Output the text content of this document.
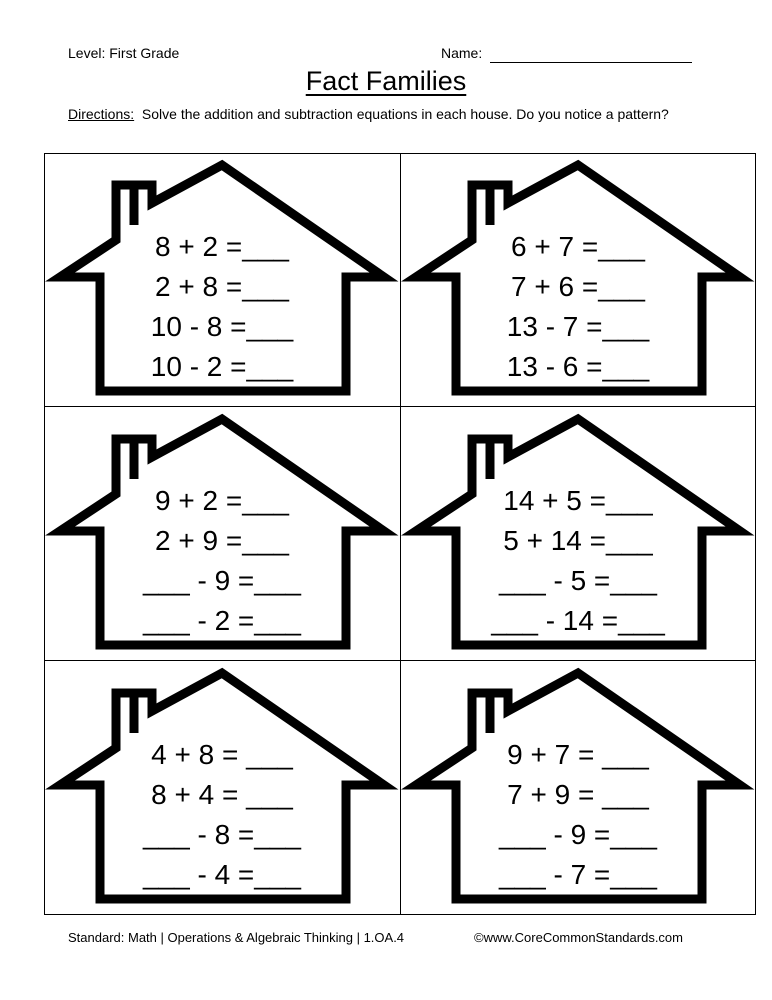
Level: First Grade	Name:
Fact Families
Directions: Solve the addition and subtraction equations in each house. Do you notice a pattern?
8 + 2 =___
2 + 8 =___
10 - 8 =___
10 - 2 =___
6 + 7 =___
7 + 6 =___
13 - 7 =___
13 - 6 =___
9 + 2 =___
2 + 9 =___
___ - 9 =___
___ - 2 =___
14 + 5 =___
5 + 14 =___
___ - 5 =___
___ - 14 =___
4 + 8 = ___
8 + 4 = ___
___ - 8 =___
___ - 4 =___
9 + 7 = ___
7 + 9 = ___
___ - 9 =___
___ - 7 =___
Standard: Math | Operations & Algebraic Thinking | 1.OA.4	©www.CoreCommonStandards.com
